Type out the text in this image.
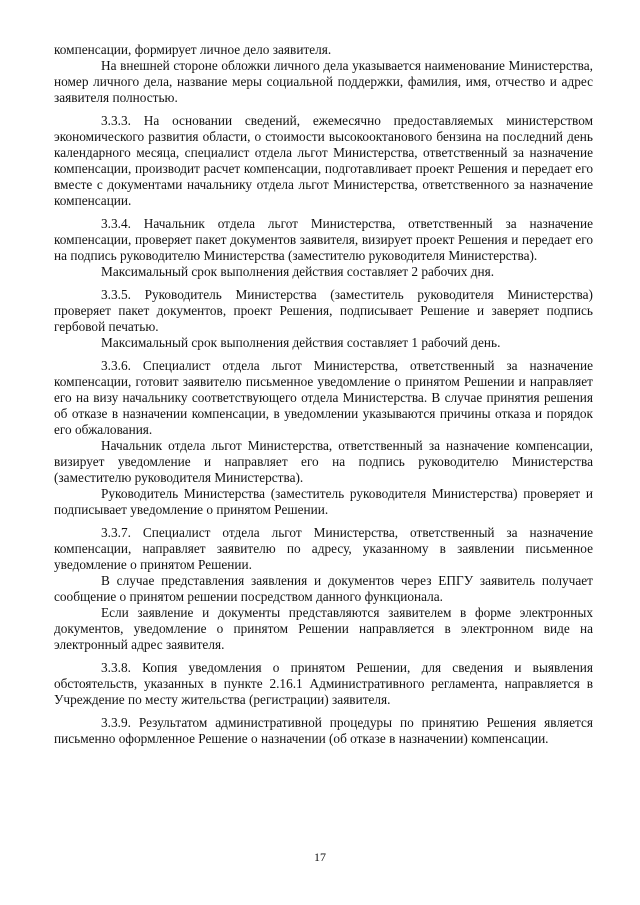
компенсации, формирует личное дело заявителя.

На внешней стороне обложки личного дела указывается наименование Министерства, номер личного дела, название меры социальной поддержки, фамилия, имя, отчество и адрес заявителя полностью.

3.3.3. На основании сведений, ежемесячно предоставляемых министерством экономического развития области, о стоимости высокооктанового бензина на последний день календарного месяца, специалист отдела льгот Министерства, ответственный за назначение компенсации, производит расчет компенсации, подготавливает проект Решения и передает его вместе с документами начальнику отдела льгот Министерства, ответственного за назначение компенсации.

3.3.4. Начальник отдела льгот Министерства, ответственный за назначение компенсации, проверяет пакет документов заявителя, визирует проект Решения и передает его на подпись руководителю Министерства (заместителю руководителя Министерства).

Максимальный срок выполнения действия составляет 2 рабочих дня.

3.3.5. Руководитель Министерства (заместитель руководителя Министерства) проверяет пакет документов, проект Решения, подписывает Решение и заверяет подпись гербовой печатью.

Максимальный срок выполнения действия составляет 1 рабочий день.

3.3.6. Специалист отдела льгот Министерства, ответственный за назначение компенсации, готовит заявителю письменное уведомление о принятом Решении и направляет его на визу начальнику соответствующего отдела Министерства. В случае принятия решения об отказе в назначении компенсации, в уведомлении указываются причины отказа и порядок его обжалования.

Начальник отдела льгот Министерства, ответственный за назначение компенсации, визирует уведомление и направляет его на подпись руководителю Министерства (заместителю руководителя Министерства).

Руководитель Министерства (заместитель руководителя Министерства) проверяет и подписывает уведомление о принятом Решении.

3.3.7. Специалист отдела льгот Министерства, ответственный за назначение компенсации, направляет заявителю по адресу, указанному в заявлении письменное уведомление о принятом Решении.

В случае представления заявления и документов через ЕПГУ заявитель получает сообщение о принятом решении посредством данного функционала.

Если заявление и документы представляются заявителем в форме электронных документов, уведомление о принятом Решении направляется в электронном виде на электронный адрес заявителя.

3.3.8. Копия уведомления о принятом Решении, для сведения и выявления обстоятельств, указанных в пункте 2.16.1 Административного регламента, направляется в Учреждение по месту жительства (регистрации) заявителя.

3.3.9. Результатом административной процедуры по принятию Решения является письменно оформленное Решение о назначении (об отказе в назначении) компенсации.

17
